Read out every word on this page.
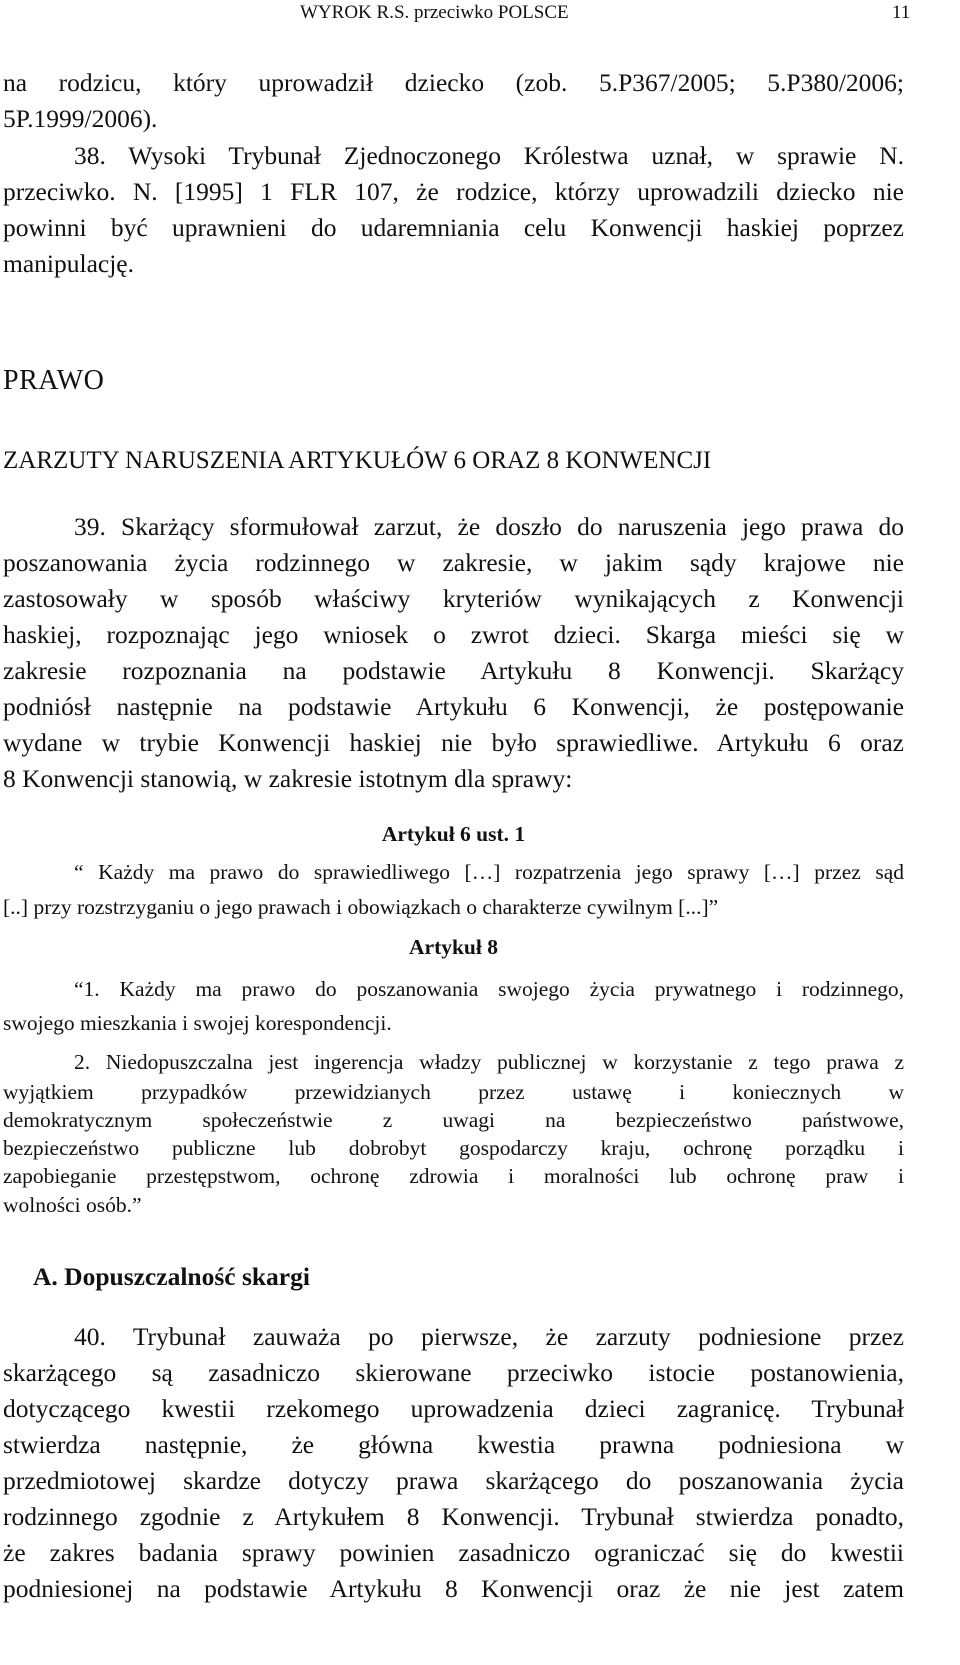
WYROK R.S. przeciwko POLSCE	11
na rodzicu, który uprowadził dziecko (zob. 5.P367/2005; 5.P380/2006;
5P.1999/2006).
38. Wysoki Trybunał Zjednoczonego Królestwa uznał, w sprawie N.
przeciwko. N. [1995] 1 FLR 107, że rodzice, którzy uprowadzili dziecko nie
powinni być uprawnieni do udaremniania celu Konwencji haskiej poprzez
manipulację.
PRAWO
ZARZUTY NARUSZENIA ARTYKUŁÓW 6 ORAZ 8 KONWENCJI
39. Skarżący sformułował zarzut, że doszło do naruszenia jego prawa do
poszanowania życia rodzinnego w zakresie, w jakim sądy krajowe nie
zastosowały w sposób właściwy kryteriów wynikających z Konwencji
haskiej, rozpoznając jego wniosek o zwrot dzieci. Skarga mieści się w
zakresie rozpoznania na podstawie Artykułu 8 Konwencji. Skarżący
podniósł następnie na podstawie Artykułu 6 Konwencji, że postępowanie
wydane w trybie Konwencji haskiej nie było sprawiedliwe. Artykułu 6 oraz
8 Konwencji stanowią, w zakresie istotnym dla sprawy:
Artykuł 6 ust. 1
“ Każdy ma prawo do sprawiedliwego […] rozpatrzenia jego sprawy […] przez sąd
[..] przy rozstrzyganiu o jego prawach i obowiązkach o charakterze cywilnym [...]”
Artykuł 8
“1. Każdy ma prawo do poszanowania swojego życia prywatnego i rodzinnego,
swojego mieszkania i swojej korespondencji.
2. Niedopuszczalna jest ingerencja władzy publicznej w korzystanie z tego prawa z
wyjątkiem przypadków przewidzianych przez ustawę i koniecznych w
demokratycznym społeczeństwie z uwagi na bezpieczeństwo państwowe,
bezpieczeństwo publiczne lub dobrobyt gospodarczy kraju, ochronę porządku i
zapobieganie przestępstwom, ochronę zdrowia i moralności lub ochronę praw i
wolności osób.”
A. Dopuszczalność skargi
40. Trybunał zauważa po pierwsze, że zarzuty podniesione przez
skarżącego są zasadniczo skierowane przeciwko istocie postanowienia,
dotyczącego kwestii rzekomego uprowadzenia dzieci zagranicę. Trybunał
stwierdza następnie, że główna kwestia prawna podniesiona w
przedmiotowej skardze dotyczy prawa skarżącego do poszanowania życia
rodzinnego zgodnie z Artykułem 8 Konwencji. Trybunał stwierdza ponadto,
że zakres badania sprawy powinien zasadniczo ograniczać się do kwestii
podniesionej na podstawie Artykułu 8 Konwencji oraz że nie jest zatem
